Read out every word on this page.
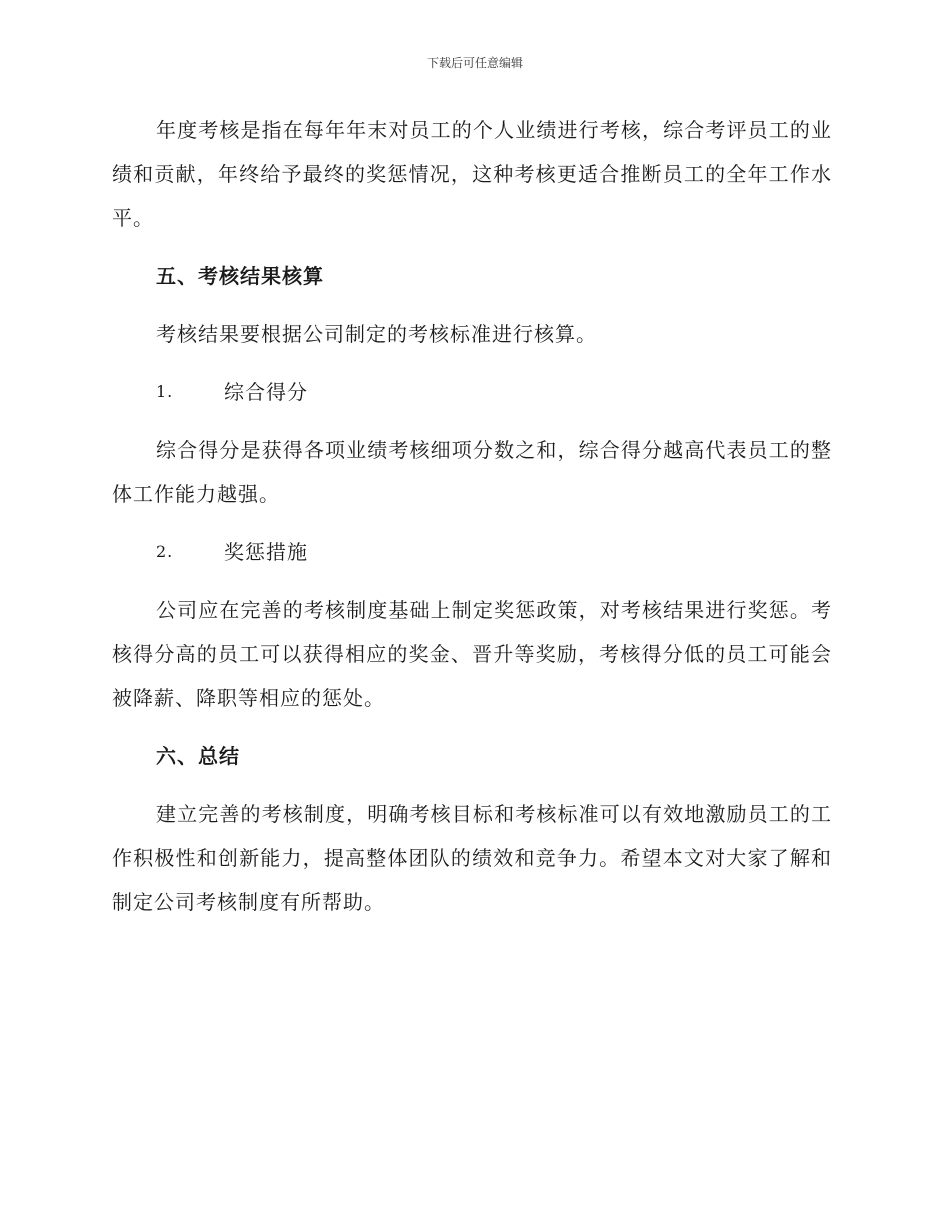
下载后可任意编辑

年度考核是指在每年年末对员工的个人业绩进行考核，综合考评员工的业绩和贡献，年终给予最终的奖惩情况，这种考核更适合推断员工的全年工作水平。

五、考核结果核算

考核结果要根据公司制定的考核标准进行核算。

1.	综合得分

综合得分是获得各项业绩考核细项分数之和，综合得分越高代表员工的整体工作能力越强。

2.	奖惩措施

公司应在完善的考核制度基础上制定奖惩政策，对考核结果进行奖惩。考核得分高的员工可以获得相应的奖金、晋升等奖励，考核得分低的员工可能会被降薪、降职等相应的惩处。

六、总结

建立完善的考核制度，明确考核目标和考核标准可以有效地激励员工的工作积极性和创新能力，提高整体团队的绩效和竞争力。希望本文对大家了解和制定公司考核制度有所帮助。
